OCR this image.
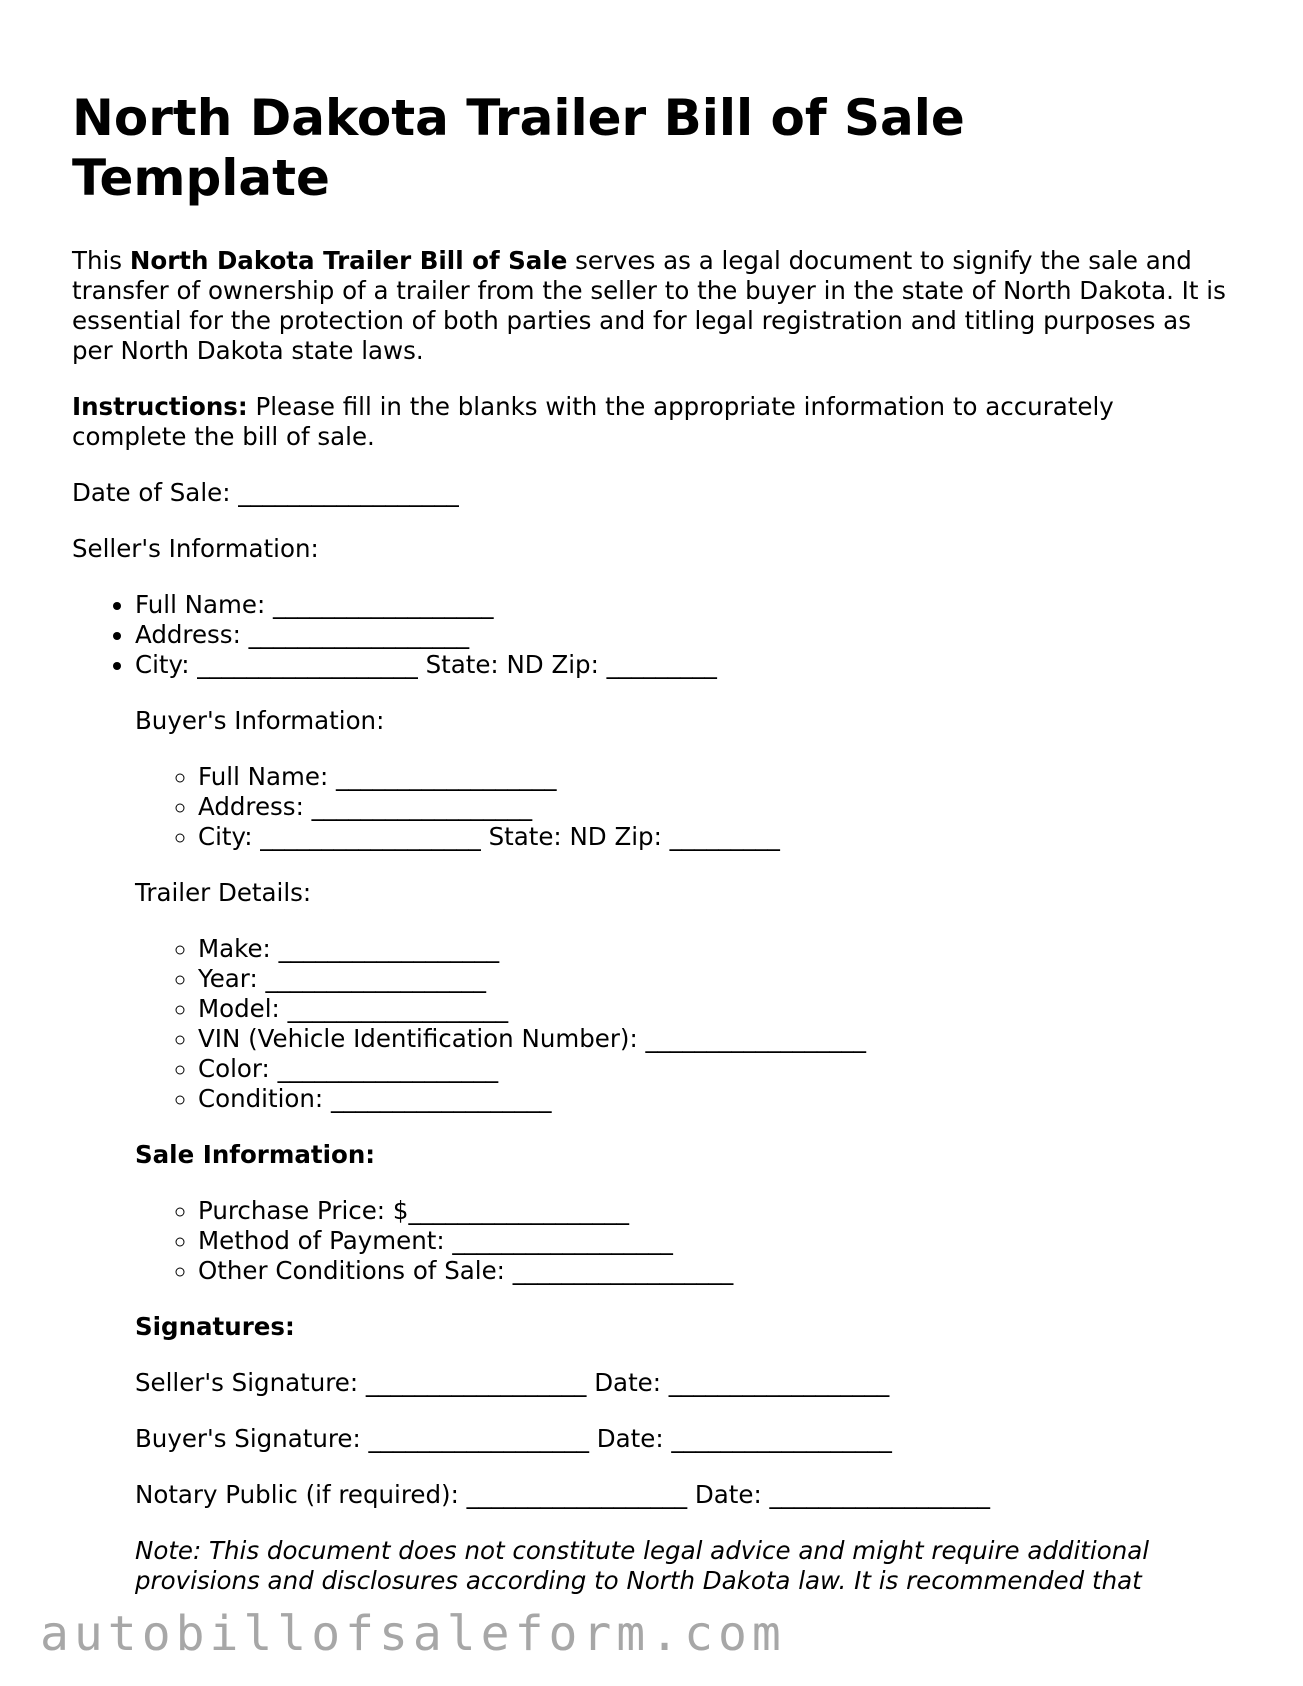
North Dakota Trailer Bill of Sale Template

This North Dakota Trailer Bill of Sale serves as a legal document to signify the sale and transfer of ownership of a trailer from the seller to the buyer in the state of North Dakota. It is essential for the protection of both parties and for legal registration and titling purposes as per North Dakota state laws.

Instructions: Please fill in the blanks with the appropriate information to accurately complete the bill of sale.

Date of Sale: __________________

Seller's Information:

• Full Name: __________________
• Address: __________________
• City: __________________ State: ND Zip: _________

Buyer's Information:

◦ Full Name: __________________
◦ Address: __________________
◦ City: __________________ State: ND Zip: _________

Trailer Details:

◦ Make: __________________
◦ Year: __________________
◦ Model: __________________
◦ VIN (Vehicle Identification Number): __________________
◦ Color: __________________
◦ Condition: __________________

Sale Information:

◦ Purchase Price: $__________________
◦ Method of Payment: __________________
◦ Other Conditions of Sale: __________________

Signatures:

Seller's Signature: __________________ Date: __________________

Buyer's Signature: __________________ Date: __________________

Notary Public (if required): __________________ Date: __________________

Note: This document does not constitute legal advice and might require additional provisions and disclosures according to North Dakota law. It is recommended that

autobillofsaleform.com
